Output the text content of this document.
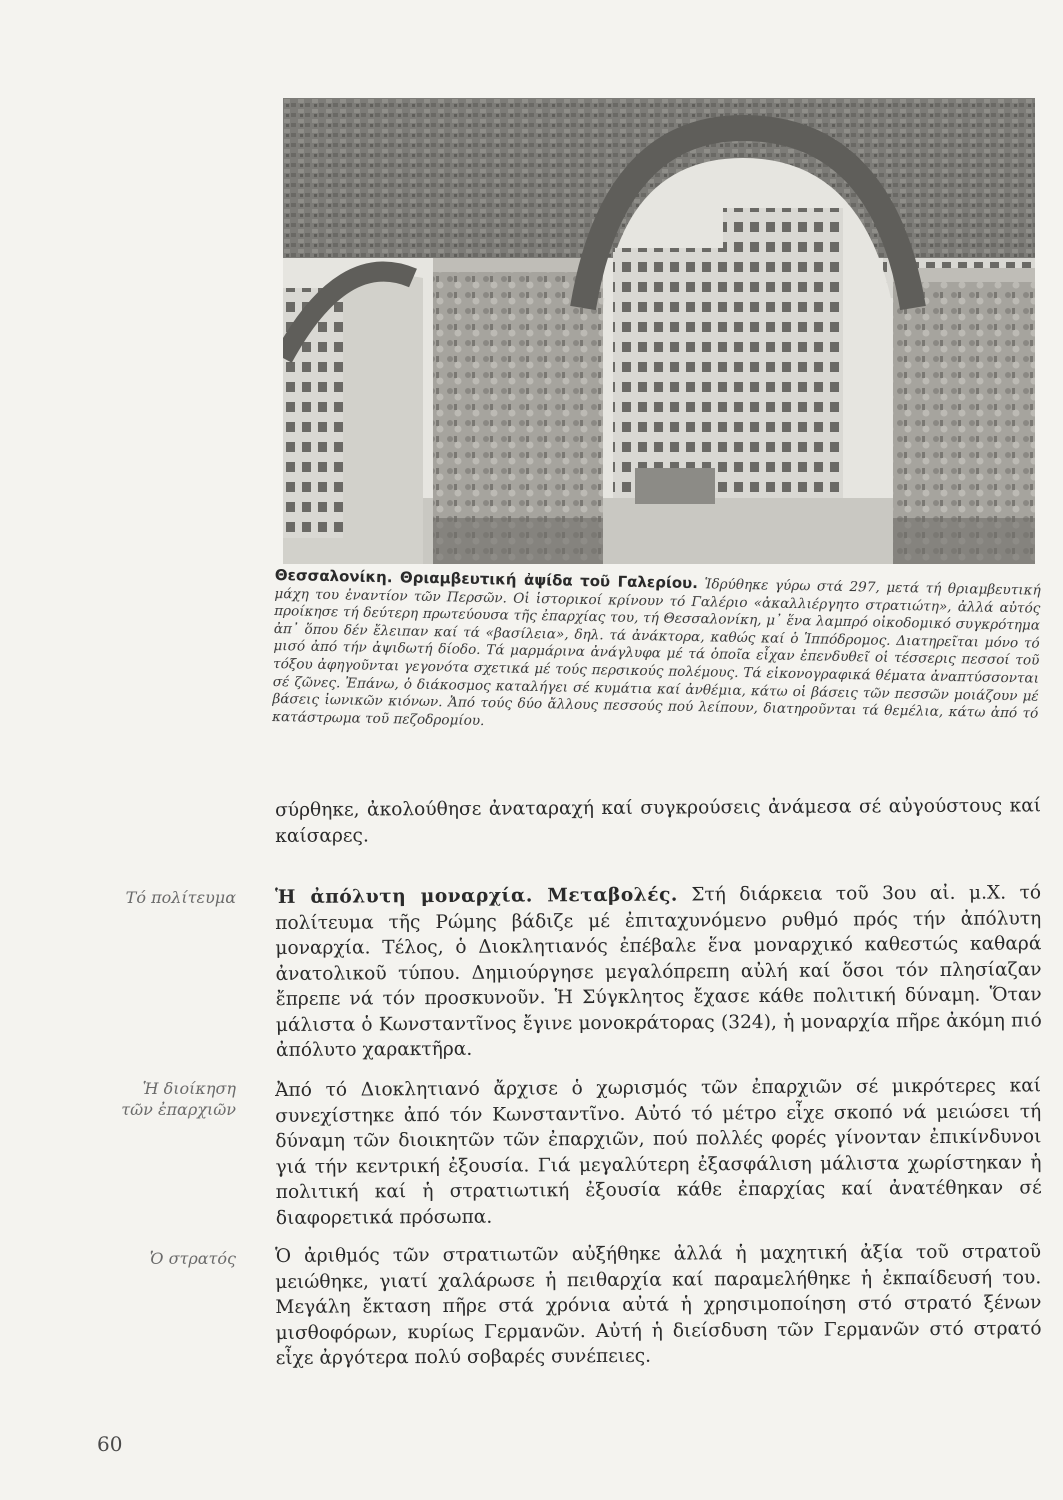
Θεσσαλονίκη. Θριαμβευτική ἀψίδα τοῦ Γαλερίου. Ἱδρύθηκε γύρω στά 297, μετά τή θριαμβευτική μάχη του ἐναντίον τῶν Περσῶν. Οἱ ἱστορικοί κρίνουν τό Γαλέριο «ἀκαλλιέργητο στρατιώτη», ἀλλά αὐτός προίκησε τή δεύτερη πρωτεύουσα τῆς ἐπαρχίας του, τή Θεσσαλονίκη, μ᾿ ἕνα λαμπρό οἰκοδομικό συγκρότημα ἀπ᾿ ὅπου δέν ἔλειπαν καί τά «βασίλεια», δηλ. τά ἀνάκτορα, καθώς καί ὁ Ἱππόδρομος. Διατηρεῖται μόνο τό μισό ἀπό τήν ἀψιδωτή δίοδο. Τά μαρμάρινα ἀνάγλυφα μέ τά ὁποῖα εἶχαν ἐπενδυθεῖ οἱ τέσσερις πεσσοί τοῦ τόξου ἀφηγοῦνται γεγονότα σχετικά μέ τούς περσικούς πολέμους. Τά εἰκονογραφικά θέματα ἀναπτύσσονται σέ ζῶνες. Ἐπάνω, ὁ διάκοσμος καταλήγει σέ κυμάτια καί ἀνθέμια, κάτω οἱ βάσεις τῶν πεσσῶν μοιάζουν μέ βάσεις ἰωνικῶν κιόνων. Ἀπό τούς δύο ἄλλους πεσσούς πού λείπουν, διατηροῦνται τά θεμέλια, κάτω ἀπό τό κατάστρωμα τοῦ πεζοδρομίου.

σύρθηκε, ἀκολούθησε ἀναταραχή καί συγκρούσεις ἀνάμεσα σέ αὐγούστους καί καίσαρες.

Ἡ ἀπόλυτη μοναρχία. Μεταβολές. Στή διάρκεια τοῦ 3ου αἰ. μ.Χ. τό πολίτευμα τῆς Ρώμης βάδιζε μέ ἐπιταχυνόμενο ρυθμό πρός τήν ἀπόλυτη μοναρχία. Τέλος, ὁ Διοκλητιανός ἐπέβαλε ἕνα μοναρχικό καθεστώς καθαρά ἀνατολικοῦ τύπου. Δημιούργησε μεγαλόπρεπη αὐλή καί ὅσοι τόν πλησίαζαν ἔπρεπε νά τόν προσκυνοῦν. Ἡ Σύγκλητος ἔχασε κάθε πολιτική δύναμη. Ὅταν μάλιστα ὁ Κωνσταντῖνος ἔγινε μονοκράτορας (324), ἡ μοναρχία πῆρε ἀκόμη πιό ἀπόλυτο χαρακτῆρα.

Ἀπό τό Διοκλητιανό ἄρχισε ὁ χωρισμός τῶν ἐπαρχιῶν σέ μικρότερες καί συνεχίστηκε ἀπό τόν Κωνσταντῖνο. Αὐτό τό μέτρο εἶχε σκοπό νά μειώσει τή δύναμη τῶν διοικητῶν τῶν ἐπαρχιῶν, πού πολλές φορές γίνονταν ἐπικίνδυνοι γιά τήν κεντρική ἐξουσία. Γιά μεγαλύτερη ἐξασφάλιση μάλιστα χωρίστηκαν ἡ πολιτική καί ἡ στρατιωτική ἐξουσία κάθε ἐπαρχίας καί ἀνατέθηκαν σέ διαφορετικά πρόσωπα.

Ὁ ἀριθμός τῶν στρατιωτῶν αὐξήθηκε ἀλλά ἡ μαχητική ἀξία τοῦ στρατοῦ μειώθηκε, γιατί χαλάρωσε ἡ πειθαρχία καί παραμελήθηκε ἡ ἐκπαίδευσή του. Μεγάλη ἔκταση πῆρε στά χρόνια αὐτά ἡ χρησιμοποίηση στό στρατό ξένων μισθοφόρων, κυρίως Γερμανῶν. Αὐτή ἡ διείσδυση τῶν Γερμανῶν στό στρατό εἶχε ἀργότερα πολύ σοβαρές συνέπειες.

Τό πολίτευμα
Ἡ διοίκηση
τῶν ἐπαρχιῶν
Ὁ στρατός
60
